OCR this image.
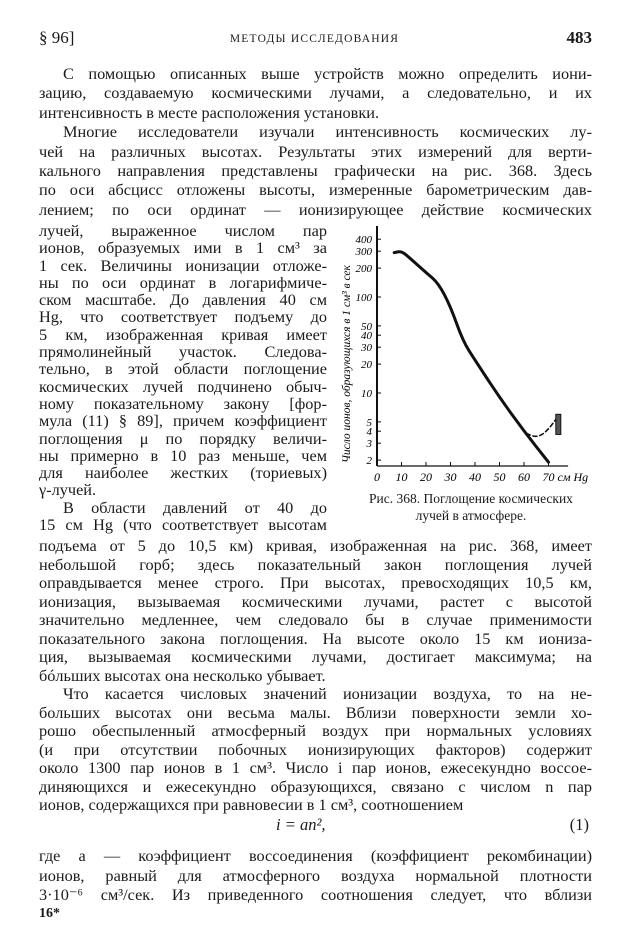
§ 96]	МЕТОДЫ ИССЛЕДОВАНИЯ	483
С помощью описанных выше устройств можно определить иони-
зацию, создаваемую космическими лучами, а следовательно, и их
интенсивность в месте расположения установки.
Многие исследователи изучали интенсивность космических лу-
чей на различных высотах. Результаты этих измерений для верти-
кального направления представлены графически на рис. 368. Здесь
по оси абсцисс отложены высоты, измеренные барометрическим дав-
лением; по оси ординат — ионизирующее действие космических
лучей, выраженное числом пар
ионов, образуемых ими в 1 см³ за
1 сек. Величины ионизации отложе-
ны по оси ординат в логарифмиче-
ском масштабе. До давления 40 см
Hg, что соответствует подъему до
5 км, изображенная кривая имеет
прямолинейный участок. Следова-
тельно, в этой области поглощение
космических лучей подчинено обыч-
ному показательному закону [фор-
мула (11) § 89], причем коэффициент
поглощения μ по порядку величи-
ны примерно в 10 раз меньше, чем
для наиболее жестких (ториевых)
γ-лучей.
В области давлений от 40 до
15 см Hg (что соответствует высотам
подъема от 5 до 10,5 км) кривая, изображенная на рис. 368, имеет
небольшой горб; здесь показательный закон поглощения лучей
оправдывается менее строго. При высотах, превосходящих 10,5 км,
ионизация, вызываемая космическими лучами, растет с высотой
значительно медленнее, чем следовало бы в случае применимости
показательного закона поглощения. На высоте около 15 км иониза-
ция, вызываемая космическими лучами, достигает максимума; на
бóльших высотах она несколько убывает.
Что касается числовых значений ионизации воздуха, то на не-
больших высотах они весьма малы. Вблизи поверхности земли хо-
рошо обеспыленный атмосферный воздух при нормальных условиях
(и при отсутствии побочных ионизирующих факторов) содержит
около 1300 пар ионов в 1 см³. Число i пар ионов, ежесекундно воссое-
диняющихся и ежесекундно образующихся, связано с числом n пар
ионов, содержащихся при равновесии в 1 см³, соотношением
i = an²,	(1)
где a — коэффициент воссоединения (коэффициент рекомбинации)
ионов, равный для атмосферного воздуха нормальной плотности
3·10⁻⁶ см³/сек. Из приведенного соотношения следует, что вблизи
400
300
200
100
50
40
30
20
10
5
4
3
2
0 10 20 30 40 50 60 70 см Hg
Число ионов, образующихся в 1 см³ в сек
Рис. 368. Поглощение космических
лучей в атмосфере.
16*
